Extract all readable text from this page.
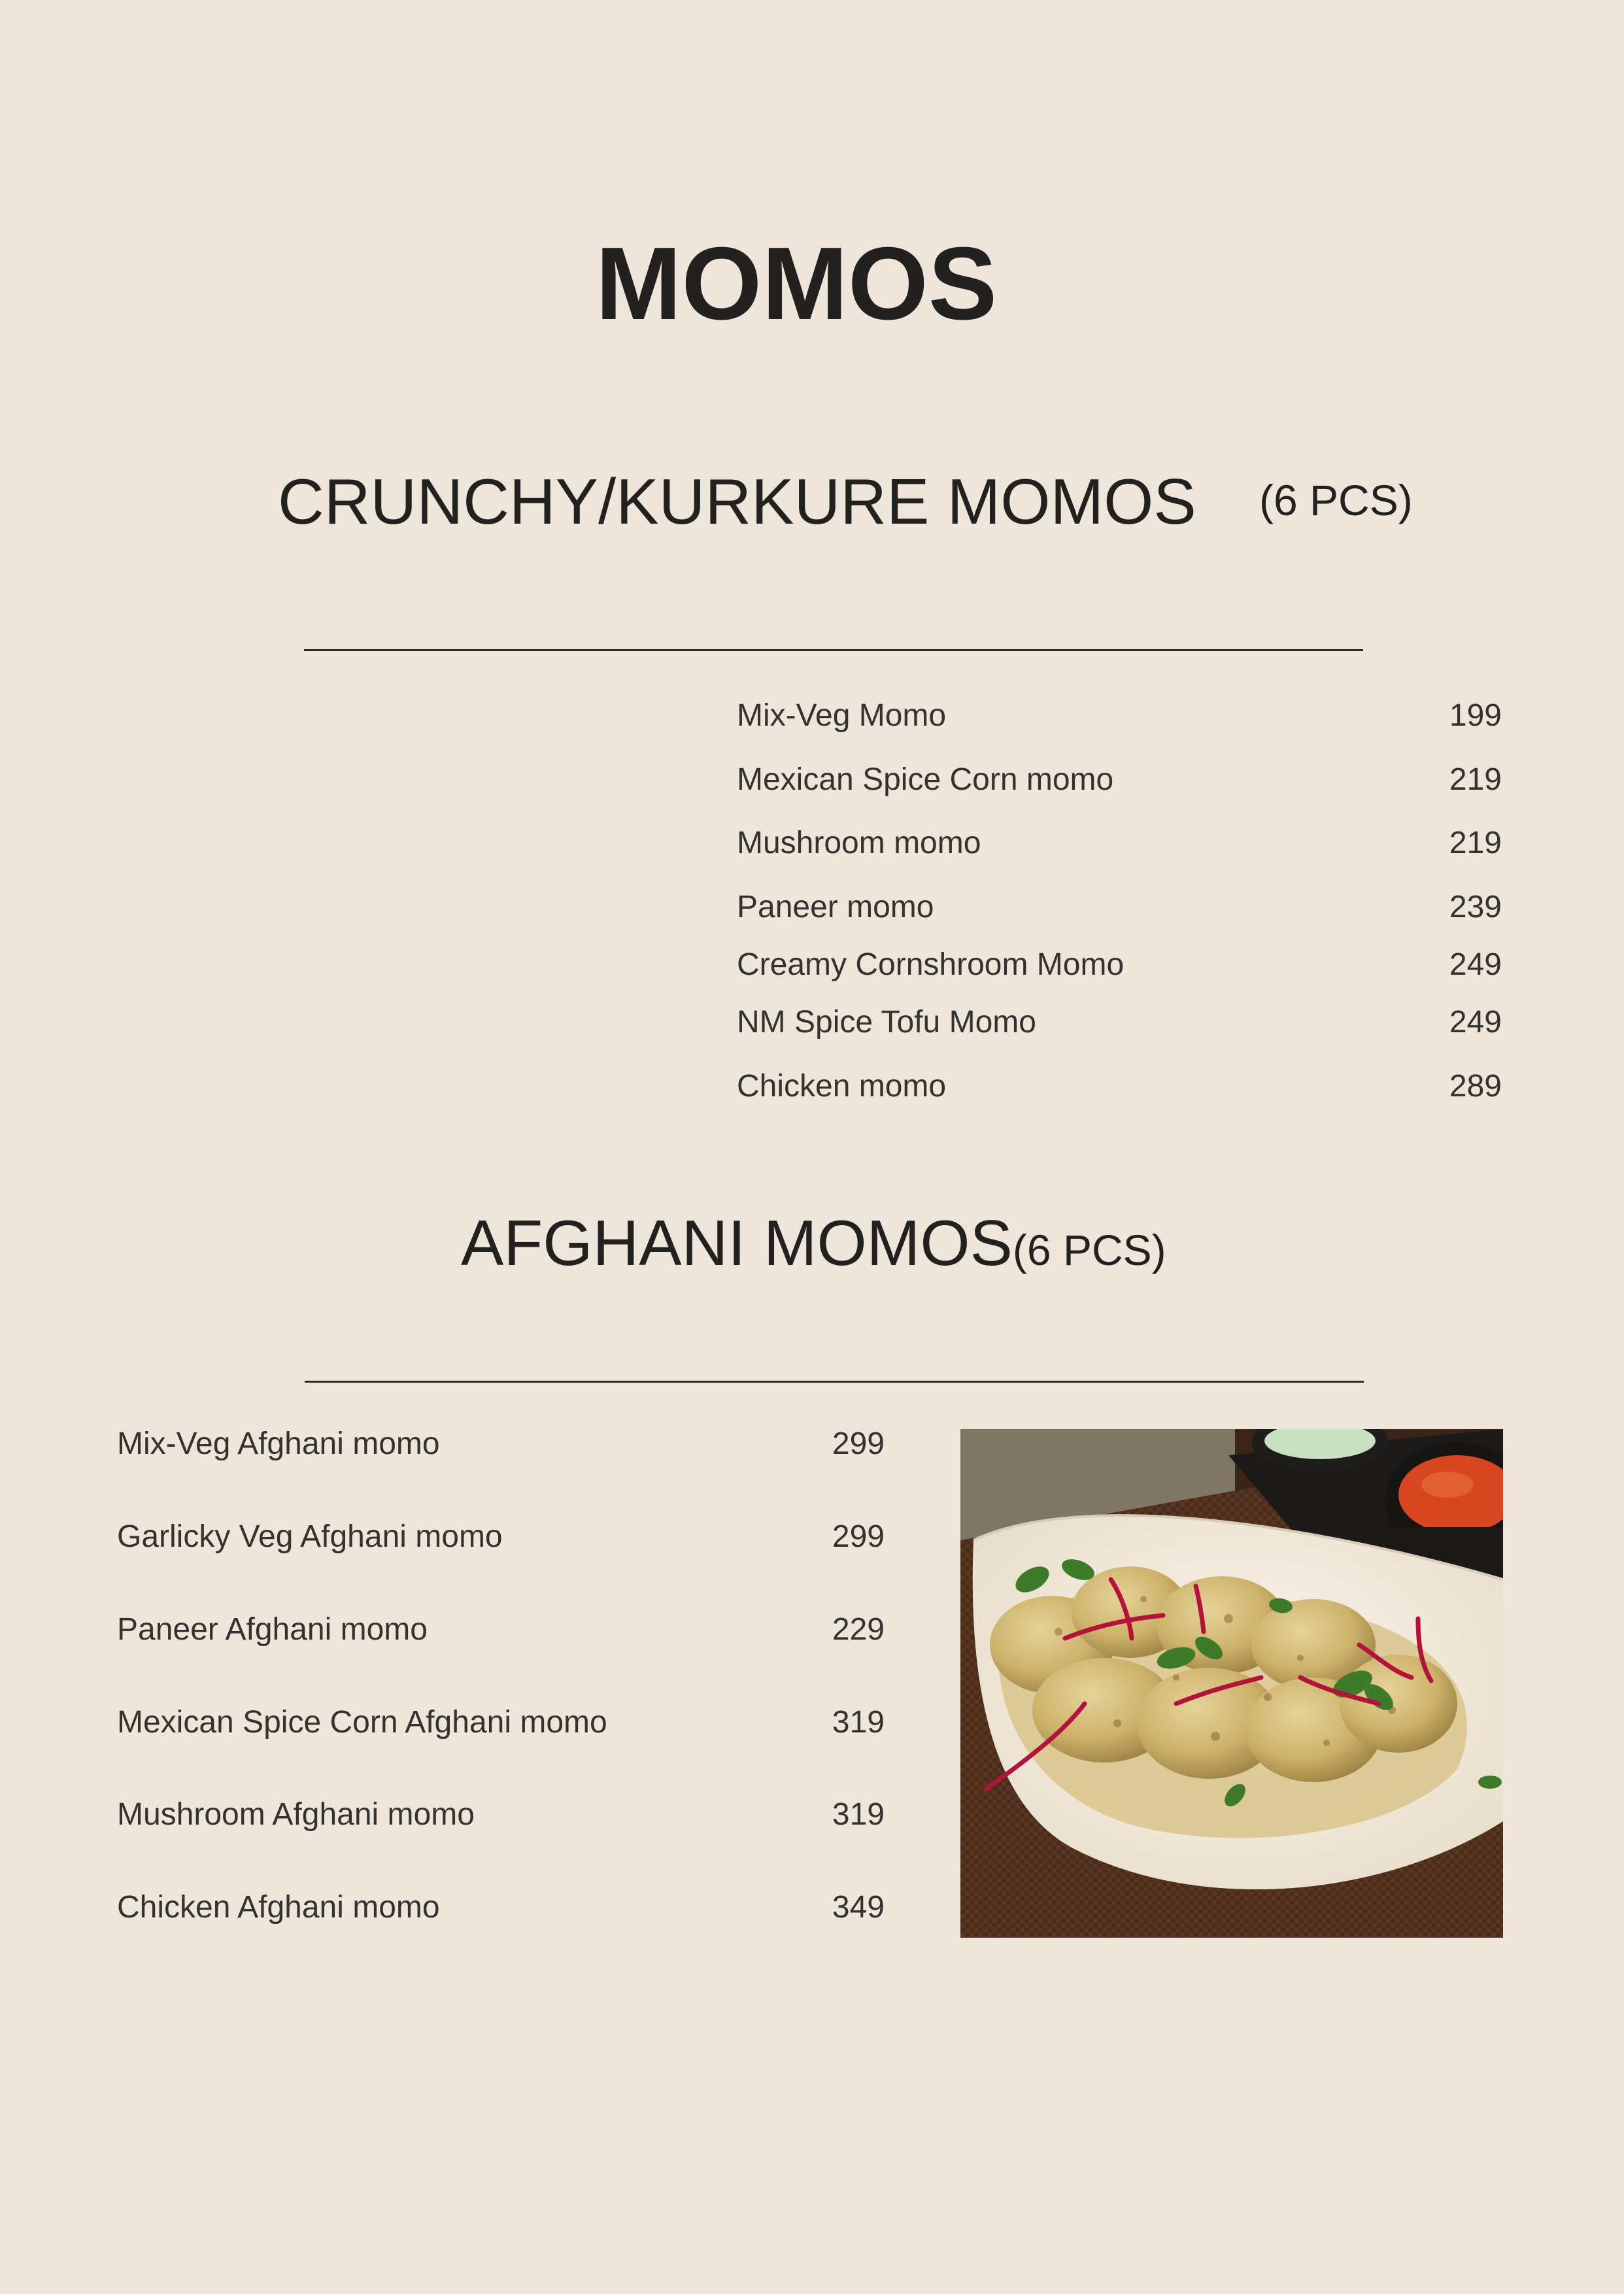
MOMOS
CRUNCHY/KURKURE MOMOS (6 PCS)
Mix-Veg Momo	199
Mexican Spice Corn momo	219
Mushroom momo	219
Paneer momo	239
Creamy Cornshroom Momo	249
NM Spice Tofu Momo	249
Chicken momo	289
AFGHANI MOMOS(6 PCS)
Mix-Veg Afghani momo	299
Garlicky Veg Afghani momo	299
Paneer Afghani momo	229
Mexican Spice Corn Afghani momo	319
Mushroom Afghani momo	319
Chicken Afghani momo	349
